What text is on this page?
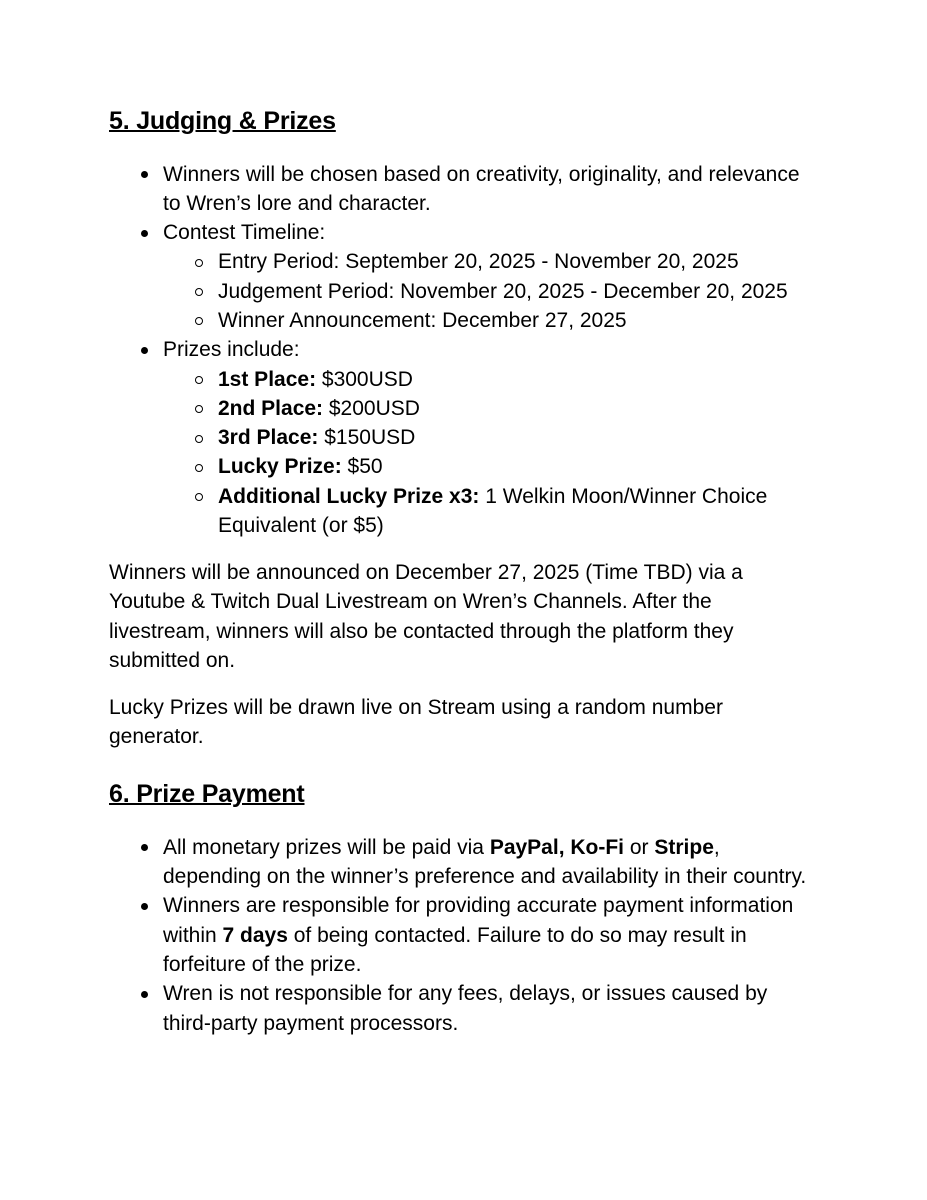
5. Judging & Prizes
Winners will be chosen based on creativity, originality, and relevance to Wren’s lore and character.
Contest Timeline:
Entry Period: September 20, 2025 - November 20, 2025
Judgement Period: November 20, 2025 - December 20, 2025
Winner Announcement: December 27, 2025
Prizes include:
1st Place: $300USD
2nd Place: $200USD
3rd Place: $150USD
Lucky Prize: $50
Additional Lucky Prize x3: 1 Welkin Moon/Winner Choice Equivalent (or $5)

Winners will be announced on December 27, 2025 (Time TBD) via a Youtube & Twitch Dual Livestream on Wren’s Channels. After the livestream, winners will also be contacted through the platform they submitted on.

Lucky Prizes will be drawn live on Stream using a random number generator.

6. Prize Payment
All monetary prizes will be paid via PayPal, Ko-Fi or Stripe, depending on the winner’s preference and availability in their country.
Winners are responsible for providing accurate payment information within 7 days of being contacted. Failure to do so may result in forfeiture of the prize.
Wren is not responsible for any fees, delays, or issues caused by third-party payment processors.
